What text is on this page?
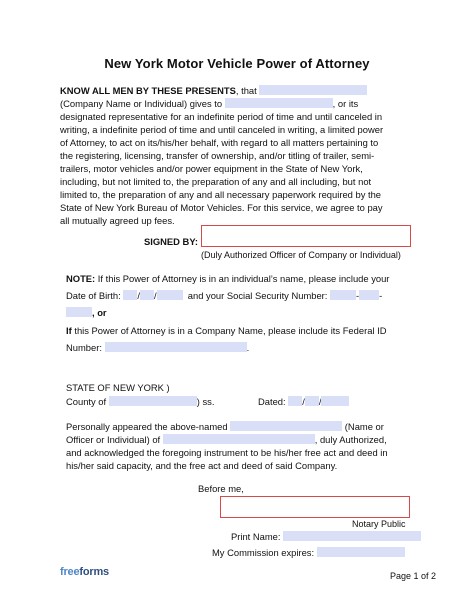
New York Motor Vehicle Power of Attorney
KNOW ALL MEN BY THESE PRESENTS, that
(Company Name or Individual) gives to	, or its
designated representative for an indefinite period of time and until canceled in
writing, a indefinite period of time and until canceled in writing, a limited power
of Attorney, to act on its/his/her behalf, with regard to all matters pertaining to
the registering, licensing, transfer of ownership, and/or titling of trailer, semi-
trailers, motor vehicles and/or power equipment in the State of New York,
including, but not limited to, the preparation of any and all including, but not
limited to, the preparation of any and all necessary paperwork required by the
State of New York Bureau of Motor Vehicles. For this service, we agree to pay
all mutually agreed up fees.
SIGNED BY:
(Duly Authorized Officer of Company or Individual)
NOTE: If this Power of Attorney is in an individual’s name, please include your
Date of Birth: / /	and your Social Security Number:	- -
, or
If this Power of Attorney is in a Company Name, please include its Federal ID
Number:	.
STATE OF NEW YORK )
County of	) ss.	Dated: / /
Personally appeared the above-named	(Name or
Officer or Individual) of	, duly Authorized,
and acknowledged the foregoing instrument to be his/her free act and deed in
his/her said capacity, and the free act and deed of said Company.
Before me,
Notary Public
Print Name:
My Commission expires:
freeforms	Page 1 of 2
